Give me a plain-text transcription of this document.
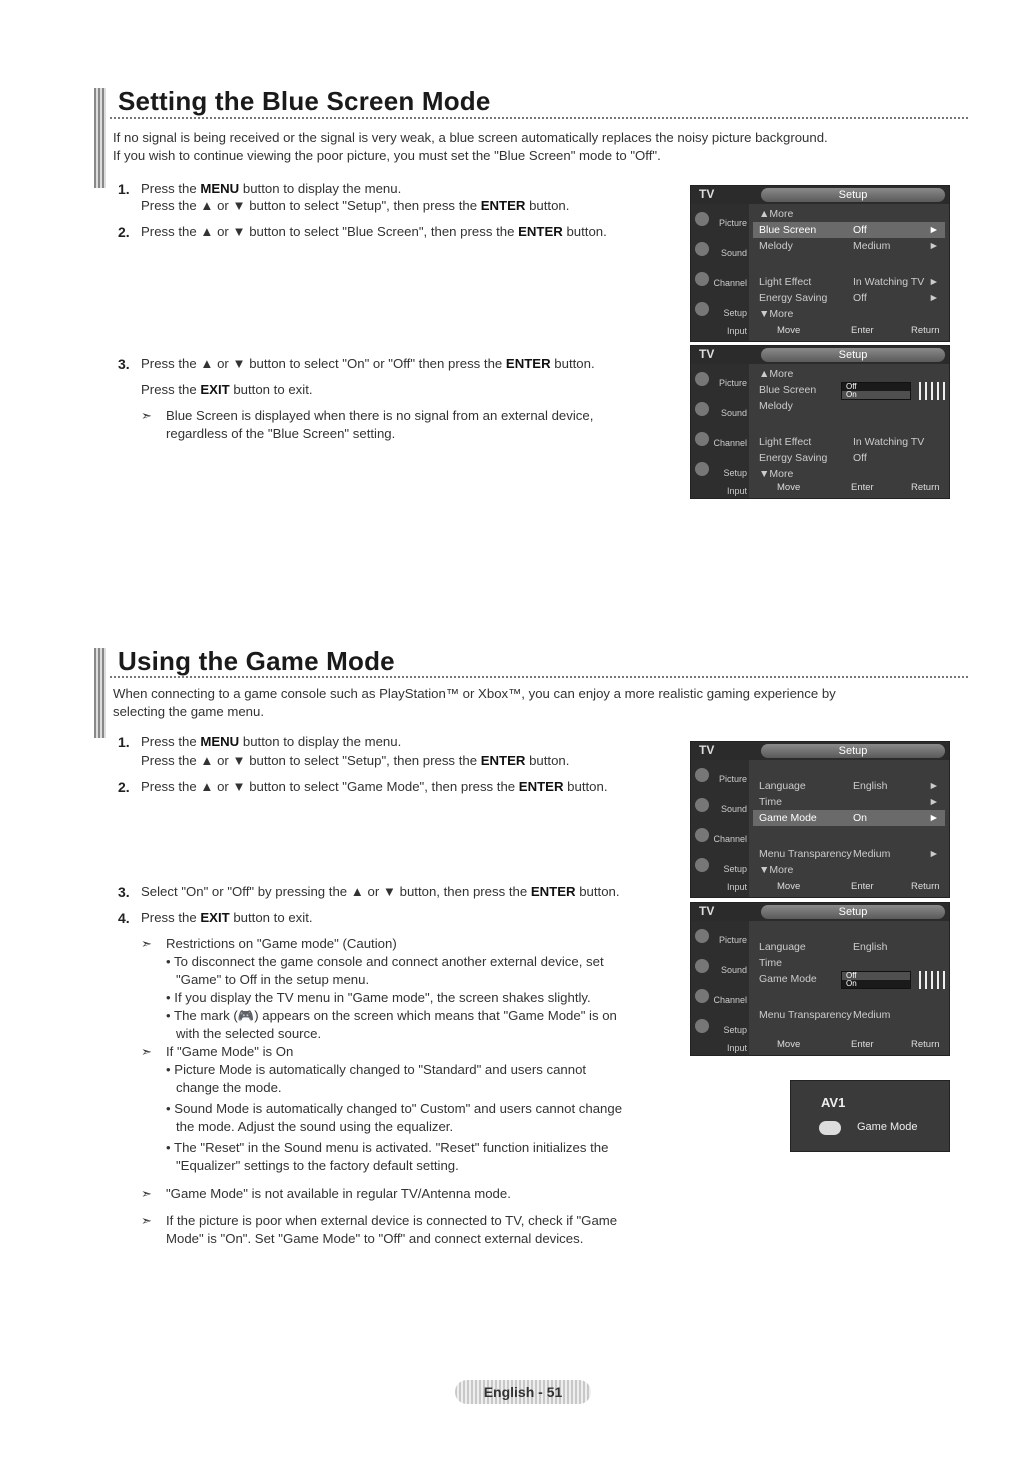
Setting the Blue Screen Mode
If no signal is being received or the signal is very weak, a blue screen automatically replaces the noisy picture background.
If you wish to continue viewing the poor picture, you must set the "Blue Screen" mode to "Off".
1. Press the MENU button to display the menu.
Press the ▲ or ▼ button to select "Setup", then press the ENTER button.
2. Press the ▲ or ▼ button to select "Blue Screen", then press the ENTER button.
3. Press the ▲ or ▼ button to select "On" or "Off" then press the ENTER button.
Press the EXIT button to exit.
➣ Blue Screen is displayed when there is no signal from an external device,
regardless of the "Blue Screen" setting.
TV	Setup
Picture
Sound
Channel
Setup
Input
▲More
Blue Screen	Off	►
Melody	Medium	►
Light Effect	In Watching TV ►
Energy Saving Off	►
▼More
Move	Enter	Return
TV	Setup
Picture
Sound
Channel
Setup
Input
▲More
Blue Screen
Melody
Light Effect	In Watching TV
Energy Saving Off
▼More
Off
On
Move	Enter	Return
Using the Game Mode
When connecting to a game console such as PlayStation™ or Xbox™, you can enjoy a more realistic gaming experience by
selecting the game menu.
1. Press the MENU button to display the menu.
Press the ▲ or ▼ button to select "Setup", then press the ENTER button.
2. Press the ▲ or ▼ button to select "Game Mode", then press the ENTER button.
3. Select "On" or "Off" by pressing the ▲ or ▼ button, then press the ENTER button.
4. Press the EXIT button to exit.
➣ Restrictions on "Game mode" (Caution)
• To disconnect the game console and connect another external device, set
"Game" to Off in the setup menu.
• If you display the TV menu in "Game mode", the screen shakes slightly.
• The mark (🎮) appears on the screen which means that "Game Mode" is on
with the selected source.
➣ If "Game Mode" is On
• Picture Mode is automatically changed to "Standard" and users cannot
change the mode.
• Sound Mode is automatically changed to" Custom" and users cannot change
the mode. Adjust the sound using the equalizer.
• The "Reset" in the Sound menu is activated. "Reset" function initializes the
"Equalizer" settings to the factory default setting.
➣ "Game Mode" is not available in regular TV/Antenna mode.
➣ If the picture is poor when external device is connected to TV, check if "Game
Mode" is "On". Set "Game Mode" to "Off" and connect external devices.
TV	Setup
Picture
Sound
Channel
Setup
Input
Language	English	►
Time	►
Game Mode	On	►
Menu Transparency Medium	►
▼More
Move	Enter	Return
TV	Setup
Picture
Sound
Channel
Setup
Input
Language	English
Time
Game Mode
Menu Transparency Medium
Off
On
Move	Enter	Return
AV1
Game Mode
English - 51
